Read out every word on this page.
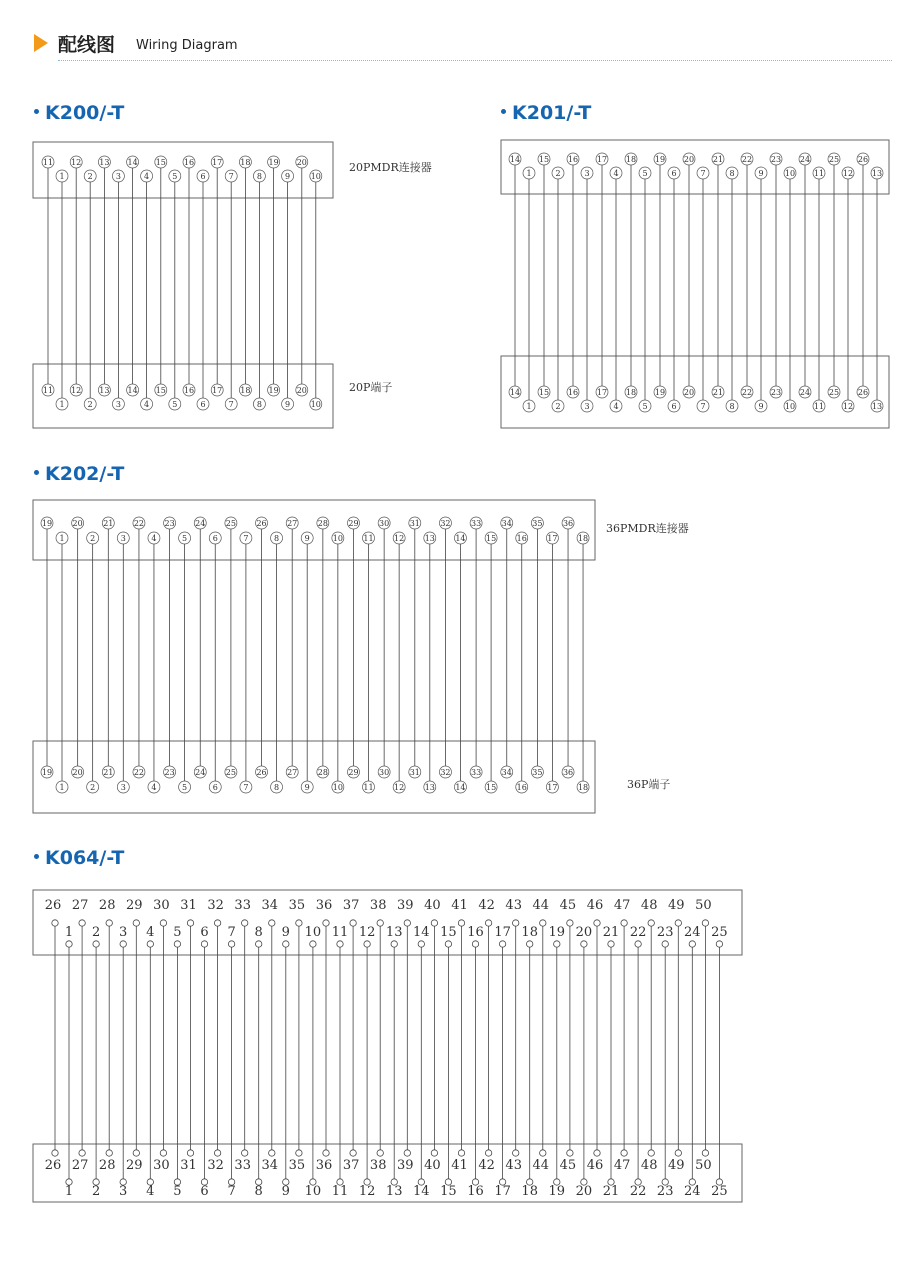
配线图 Wiring Diagram
K200/-T	K201/-T
K202/-T
K064/-T
11
1
11
1
12
2
12
2
13
3
13
3
14
4
14
4
15
5
15
5
16
6
16
6
17
7
17
7
18
8
18
8
19
9
19
9
20
10
20
10
20PMDR连接器
20P端子
14
1
14
1
15
2
15
2
16
3
16
3
17
4
17
4
18
5
18
5
19
6
19
6
20
7
20
7
21
8
21
8
22
9
22
9
23
10
23
10
24
11
24
11
25
12
25
12
26
13
26
13
19
1
19
1
20
2
20
2
21
3
21
3
22
4
22
4
23
5
23
5
24
6
24
6
25
7
25
7
26
8
26
8
27
9
27
9
28
10
28
10
29
11
29
11
30
12
30
12
31
13
31
13
32
14
32
14
33
15
33
15
34
16
34
16
35
17
35
17
36
18
36
18
36PMDR连接器
36P端子
26
1
26
1
27
2
27
2
28
3
28
3
29
4
29
4
30
5
30
5
31
6
31
6
32
7
32
7
33
8
33
8
34
9
34
9
35
10
35
10
36
11
36
11
37
12
37
12
38
13
38
13
39
14
39
14
40
15
40
15
41
16
41
16
42
17
42
17
43
18
43
18
44
19
44
19
45
20
45
20
46
21
46
21
47
22
47
22
48
23
48
23
49
24
49
24
50
25
50
25
